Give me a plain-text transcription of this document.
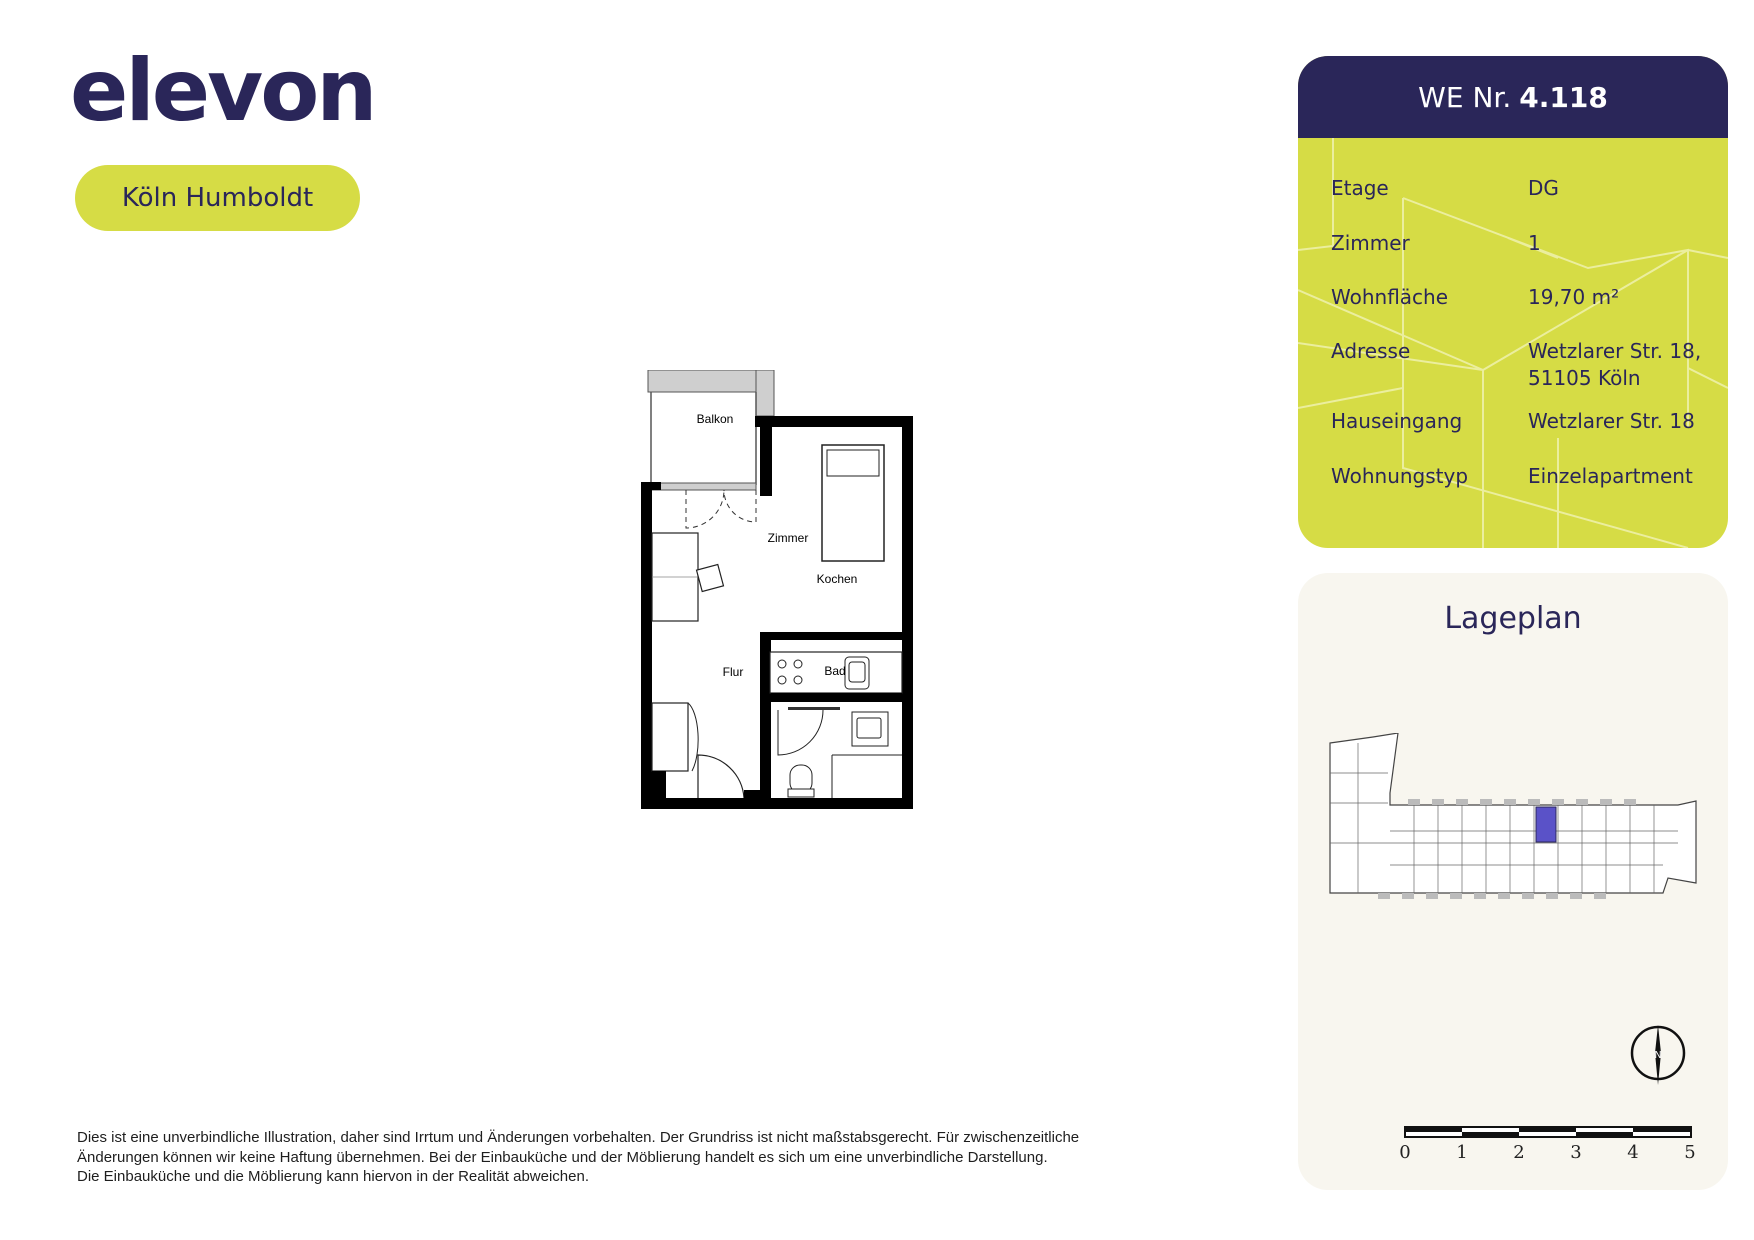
elevon
Köln Humboldt
Balkon
Zimmer
Kochen
Flur	Bad
Dies ist eine unverbindliche Illustration, daher sind Irrtum und Änderungen vorbehalten. Der Grundriss ist nicht maßstabsgerecht. Für zwischenzeitliche
Änderungen können wir keine Haftung übernehmen. Bei der Einbauküche und der Möblierung handelt es sich um eine unverbindliche Darstellung.
Die Einbauküche und die Möblierung kann hiervon in der Realität abweichen.
WE Nr. 4.118
Etage	DG
Zimmer	1
Wohnfläche	19,70 m²
Adresse	Wetzlarer Str. 18,
51105 Köln
Hauseingang	Wetzlarer Str. 18
Wohnungstyp	Einzelapartment
Lageplan
N
0	1	2	3	4	5
